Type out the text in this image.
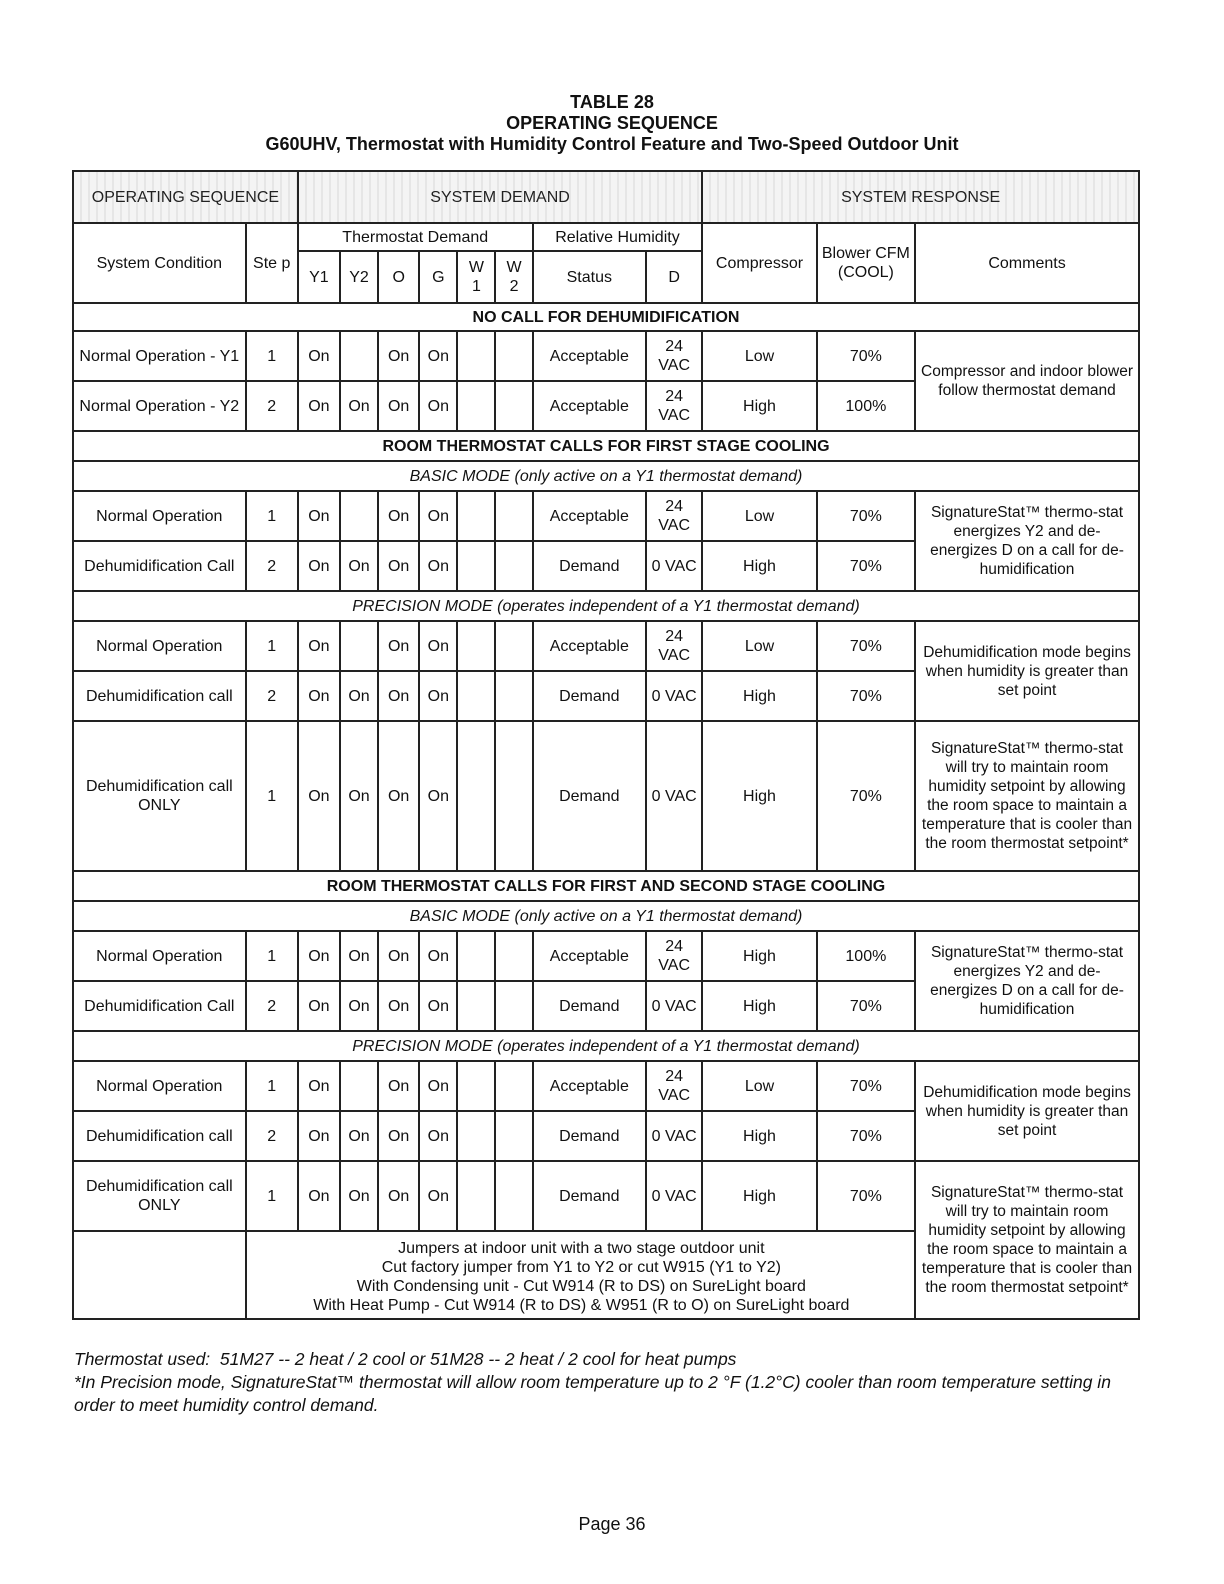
TABLE 28
OPERATING SEQUENCE
G60UHV, Thermostat with Humidity Control Feature and Two-Speed Outdoor Unit
OPERATING SEQUENCE		SYSTEM DEMAND								SYSTEM RESPONSE		
System Condition	Ste p	Thermostat Demand						Relative Humidity		Compressor	Blower CFM (COOL)	Comments
		Y1	Y2	O	G	W 1	W 2	Status	D			
NO CALL FOR DEHUMIDIFICATION												
Normal Operation - Y1	1	On		On	On			Acceptable	24 VAC	Low	70%	Compressor and indoor blower follow thermostat demand
Normal Operation - Y2	2	On	On	On	On			Acceptable	24 VAC	High	100%	
ROOM THERMOSTAT CALLS FOR FIRST STAGE COOLING												
BASIC MODE (only active on a Y1 thermostat demand)												
Normal Operation	1	On		On	On			Acceptable	24 VAC	Low	70%	SignatureStat™ thermo-stat energizes Y2 and de-energizes D on a call for de-humidification
Dehumidification Call	2	On	On	On	On			Demand	0 VAC	High	70%	
PRECISION MODE (operates independent of a Y1 thermostat demand)												
Normal Operation	1	On		On	On			Acceptable	24 VAC	Low	70%	Dehumidification mode begins when humidity is greater than set point
Dehumidification call	2	On	On	On	On			Demand	0 VAC	High	70%	
Dehumidification call ONLY	1	On	On	On	On			Demand	0 VAC	High	70%	SignatureStat™ thermo-stat will try to maintain room humidity setpoint by allowing the room space to maintain a temperature that is cooler than the room thermostat setpoint*
ROOM THERMOSTAT CALLS FOR FIRST AND SECOND STAGE COOLING												
BASIC MODE (only active on a Y1 thermostat demand)												
Normal Operation	1	On	On	On	On			Acceptable	24 VAC	High	100%	SignatureStat™ thermo-stat energizes Y2 and de-energizes D on a call for de-humidification
Dehumidification Call	2	On	On	On	On			Demand	0 VAC	High	70%	
PRECISION MODE (operates independent of a Y1 thermostat demand)												
Normal Operation	1	On		On	On			Acceptable	24 VAC	Low	70%	Dehumidification mode begins when humidity is greater than set point
Dehumidification call	2	On	On	On	On			Demand	0 VAC	High	70%	
Dehumidification call ONLY	1	On	On	On	On			Demand	0 VAC	High	70%	SignatureStat™ thermo-stat will try to maintain room humidity setpoint by allowing the room space to maintain a temperature that is cooler than the room thermostat setpoint*

	Jumpers at indoor unit with a two stage outdoor unit
Cut factory jumper from Y1 to Y2 or cut W915 (Y1 to Y2)
With Condensing unit - Cut W914 (R to DS) on SureLight board
With Heat Pump - Cut W914 (R to DS) & W951 (R to O) on SureLight board											
Thermostat used:  51M27 -- 2 heat / 2 cool or 51M28 -- 2 heat / 2 cool for heat pumps
*In Precision mode, SignatureStat™ thermostat will allow room temperature up to 2 °F (1.2°C) cooler than room temperature setting in order to meet humidity control demand.
Page 36
